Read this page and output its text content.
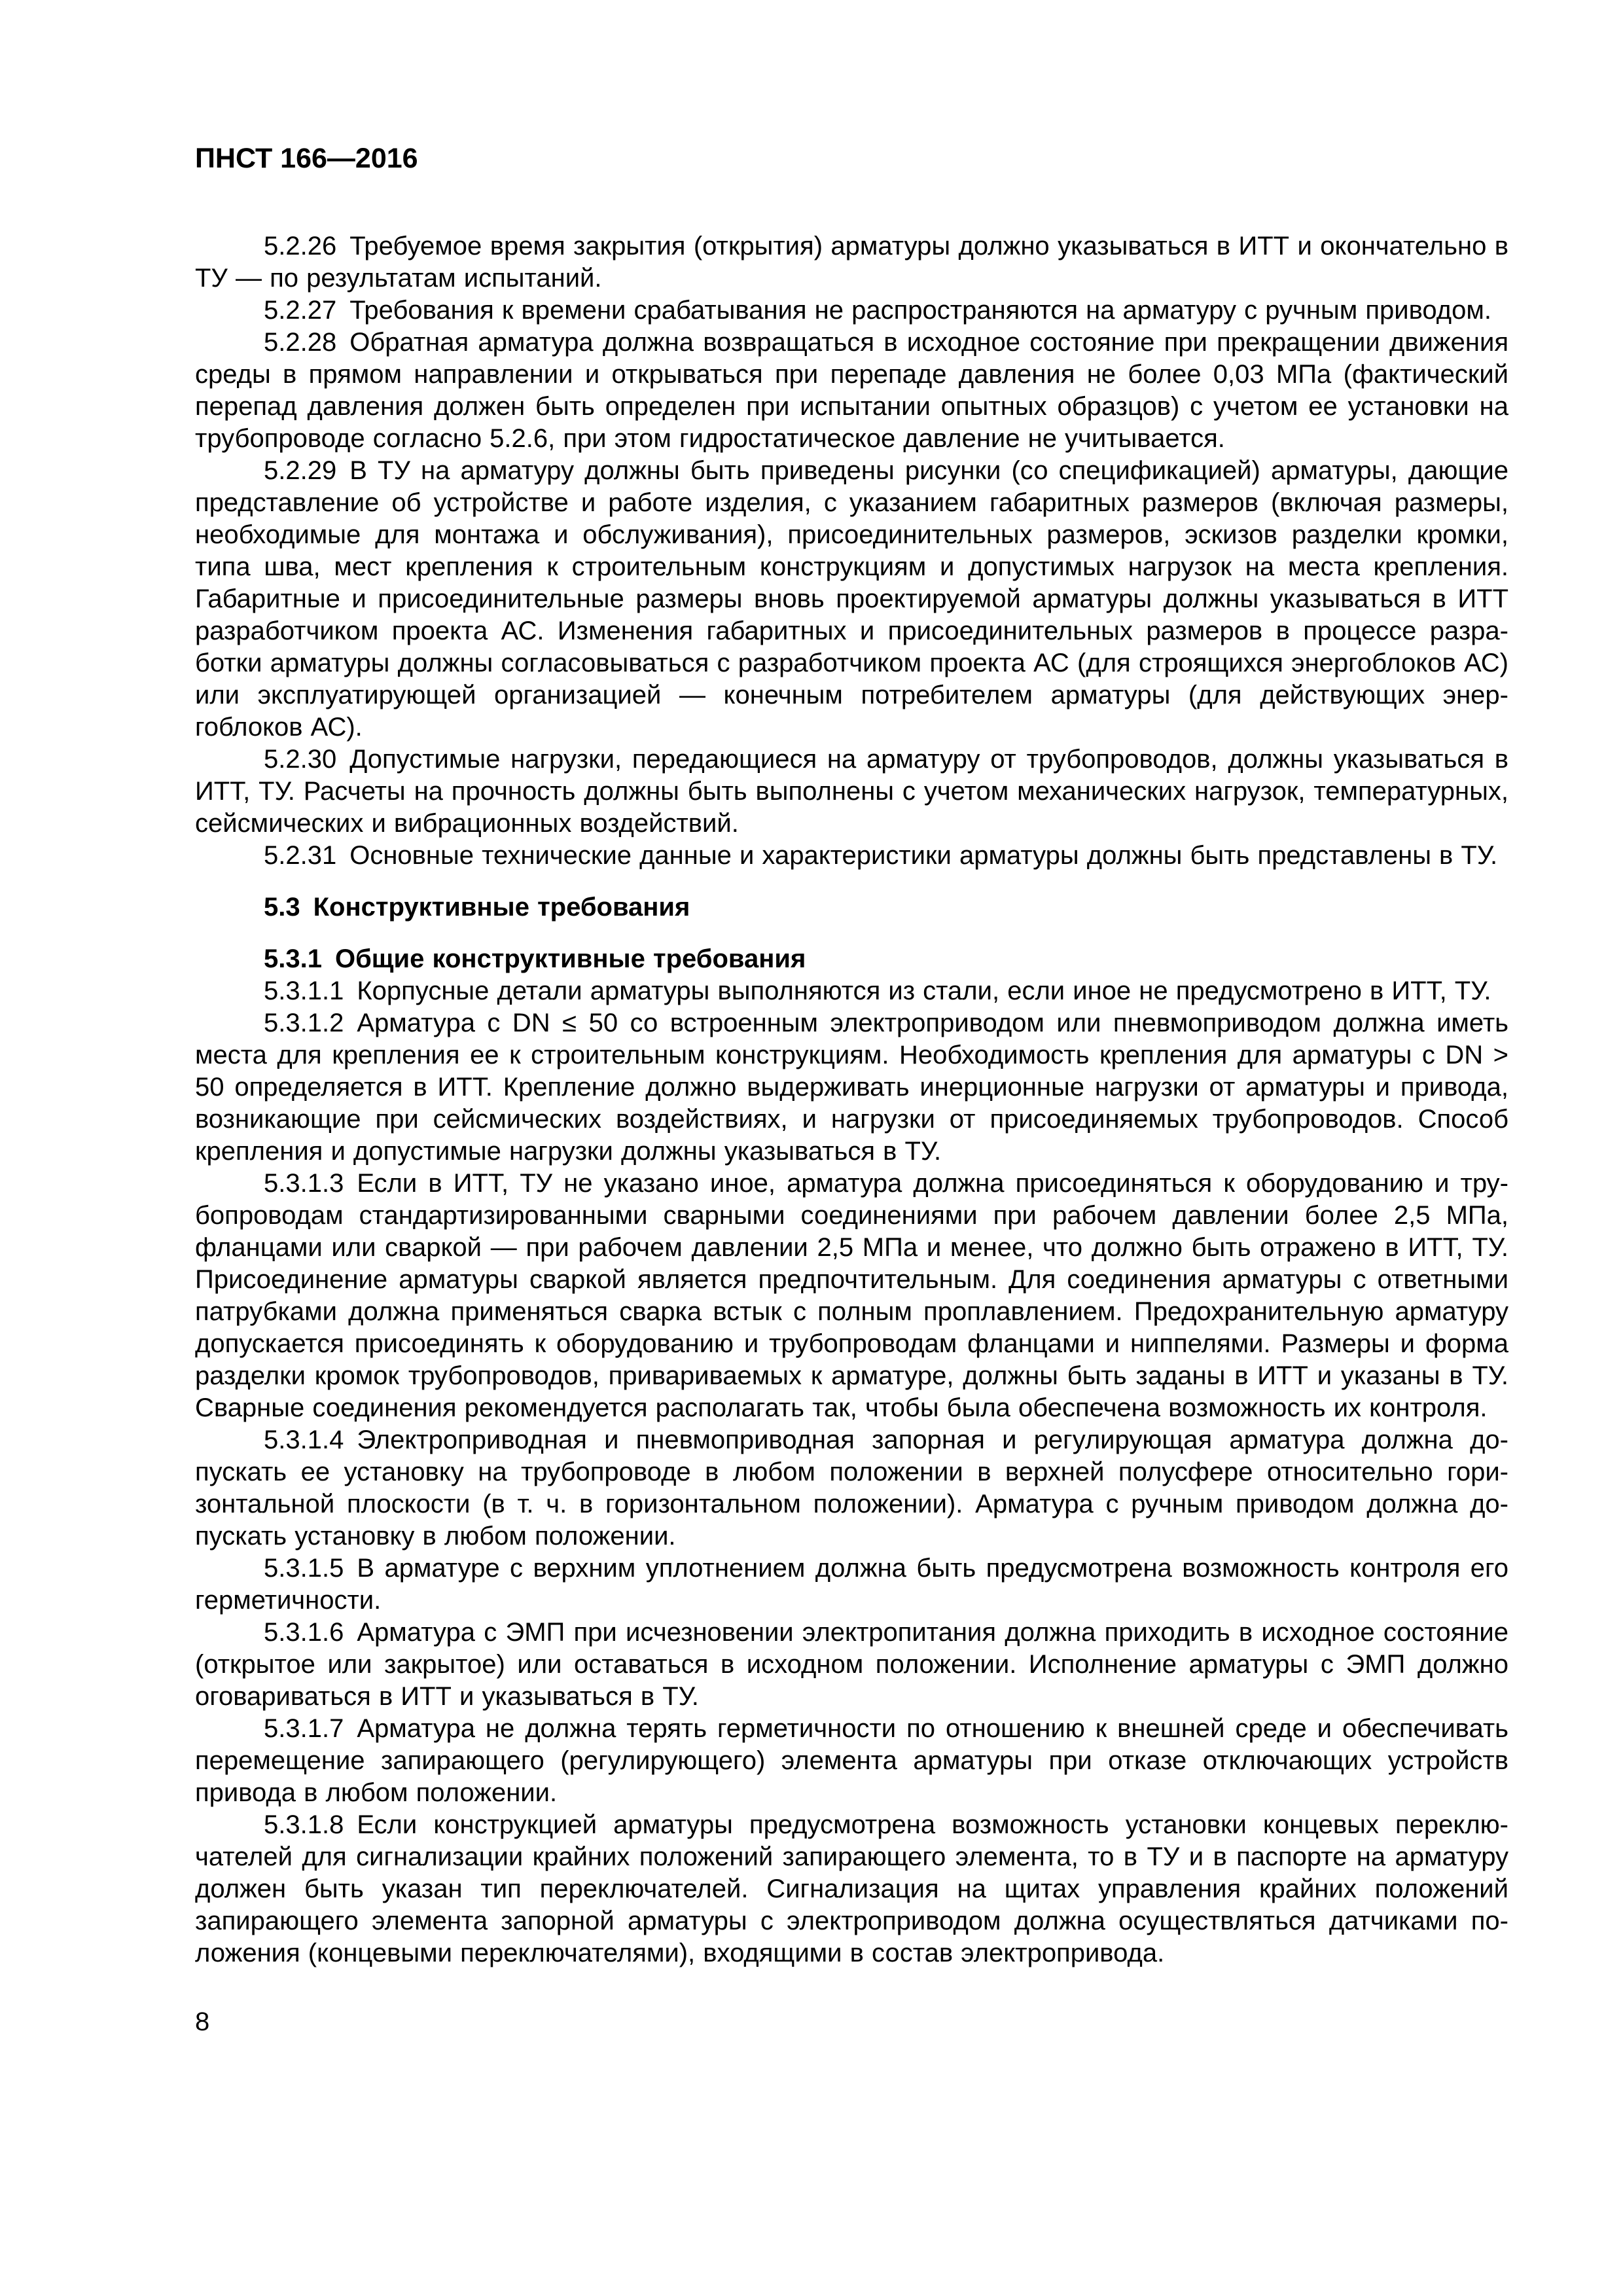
ПНСТ 166—2016

5.2.26 Требуемое время закрытия (открытия) арматуры должно указываться в ИТТ и окончательно в ТУ — по результатам испытаний.

5.2.27 Требования к времени срабатывания не распространяются на арматуру с ручным приводом.

5.2.28 Обратная арматура должна возвращаться в исходное состояние при прекращении движения среды в прямом направлении и открываться при перепаде давления не более 0,03 МПа (фактический перепад давления должен быть определен при испытании опытных образцов) с учетом ее установки на трубопроводе согласно 5.2.6, при этом гидростатическое давление не учитывается.

5.2.29 В ТУ на арматуру должны быть приведены рисунки (со спецификацией) арматуры, дающие представление об устройстве и работе изделия, с указанием габаритных размеров (включая размеры, необходимые для монтажа и обслуживания), присоединительных размеров, эскизов разделки кромки, типа шва, мест крепления к строительным конструкциям и допустимых нагрузок на места крепления. Габаритные и присоединительные размеры вновь проектируемой арматуры должны указываться в ИТТ разработчиком проекта АС. Изменения габаритных и присоединительных размеров в процессе разработки арматуры должны согласовываться с разработчиком проекта АС (для строящихся энергоблоков АС) или эксплуатирующей организацией — конечным потребителем арматуры (для действующих энергоблоков АС).

5.2.30 Допустимые нагрузки, передающиеся на арматуру от трубопроводов, должны указываться в ИТТ, ТУ. Расчеты на прочность должны быть выполнены с учетом механических нагрузок, температурных, сейсмических и вибрационных воздействий.

5.2.31 Основные технические данные и характеристики арматуры должны быть представлены в ТУ.

5.3 Конструктивные требования

5.3.1 Общие конструктивные требования

5.3.1.1 Корпусные детали арматуры выполняются из стали, если иное не предусмотрено в ИТТ, ТУ.

5.3.1.2 Арматура с DN ≤ 50 со встроенным электроприводом или пневмоприводом должна иметь места для крепления ее к строительным конструкциям. Необходимость крепления для арматуры с DN > 50 определяется в ИТТ. Крепление должно выдерживать инерционные нагрузки от арматуры и привода, возникающие при сейсмических воздействиях, и нагрузки от присоединяемых трубопроводов. Способ крепления и допустимые нагрузки должны указываться в ТУ.

5.3.1.3 Если в ИТТ, ТУ не указано иное, арматура должна присоединяться к оборудованию и трубопроводам стандартизированными сварными соединениями при рабочем давлении более 2,5 МПа, фланцами или сваркой — при рабочем давлении 2,5 МПа и менее, что должно быть отражено в ИТТ, ТУ. Присоединение арматуры сваркой является предпочтительным. Для соединения арматуры с ответными патрубками должна применяться сварка встык с полным проплавлением. Предохранительную арматуру допускается присоединять к оборудованию и трубопроводам фланцами и ниппелями. Размеры и форма разделки кромок трубопроводов, привариваемых к арматуре, должны быть заданы в ИТТ и указаны в ТУ. Сварные соединения рекомендуется располагать так, чтобы была обеспечена возможность их контроля.

5.3.1.4 Электроприводная и пневмоприводная запорная и регулирующая арматура должна допускать ее установку на трубопроводе в любом положении в верхней полусфере относительно горизонтальной плоскости (в т. ч. в горизонтальном положении). Арматура с ручным приводом должна допускать установку в любом положении.

5.3.1.5 В арматуре с верхним уплотнением должна быть предусмотрена возможность контроля его герметичности.

5.3.1.6 Арматура с ЭМП при исчезновении электропитания должна приходить в исходное состояние (открытое или закрытое) или оставаться в исходном положении. Исполнение арматуры с ЭМП должно оговариваться в ИТТ и указываться в ТУ.

5.3.1.7 Арматура не должна терять герметичности по отношению к внешней среде и обеспечивать перемещение запирающего (регулирующего) элемента арматуры при отказе отключающих устройств привода в любом положении.

5.3.1.8 Если конструкцией арматуры предусмотрена возможность установки концевых переключателей для сигнализации крайних положений запирающего элемента, то в ТУ и в паспорте на арматуру должен быть указан тип переключателей. Сигнализация на щитах управления крайних положений запирающего элемента запорной арматуры с электроприводом должна осуществляться датчиками положения (концевыми переключателями), входящими в состав электропривода.

8
